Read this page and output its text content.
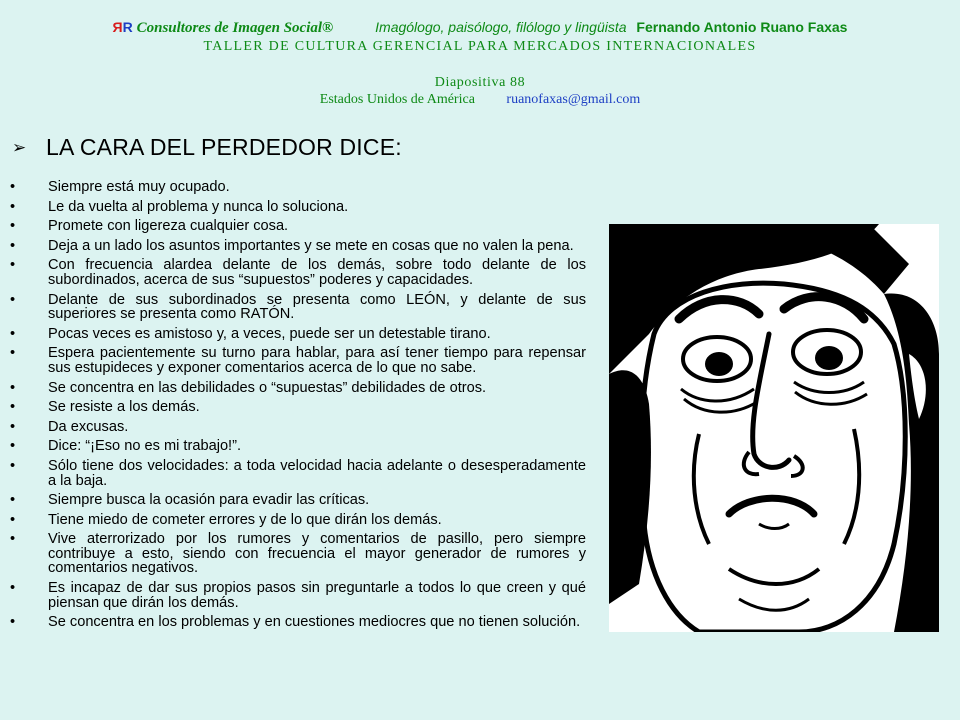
ЯR Consultores de Imagen Social®	Imagólogo, paisólogo, filólogo y lingüista Fernando Antonio Ruano Faxas
TALLER DE CULTURA GERENCIAL PARA MERCADOS INTERNACIONALES
Diapositiva 88
Estados Unidos de América ruanofaxas@gmail.com
➢ LA CARA DEL PERDEDOR DICE:
•	Siempre está muy ocupado.
•	Le da vuelta al problema y nunca lo soluciona.
•	Promete con ligereza cualquier cosa.
•	Deja a un lado los asuntos importantes y se mete en cosas que no valen la pena.
•	Con frecuencia alardea delante de los demás, sobre todo delante de los subordinados, acerca de sus “supuestos” poderes y capacidades.
•	Delante de sus subordinados se presenta como LEÓN, y delante de sus superiores se presenta como RATÓN.
•	Pocas veces es amistoso y, a veces, puede ser un detestable tirano.
•	Espera pacientemente su turno para hablar, para así tener tiempo para repensar sus estupideces y exponer comentarios acerca de lo que no sabe.
•	Se concentra en las debilidades o “supuestas” debilidades de otros.
•	Se resiste a los demás.
•	Da excusas.
•	Dice: “¡Eso no es mi trabajo!”.
•	Sólo tiene dos velocidades: a toda velocidad hacia adelante o desesperadamente a la baja.
•	Siempre busca la ocasión para evadir las críticas.
•	Tiene miedo de cometer errores y de lo que dirán los demás.
•	Vive aterrorizado por los rumores y comentarios de pasillo, pero siempre contribuye a esto, siendo con frecuencia el mayor generador de rumores y comentarios negativos.
•	Es incapaz de dar sus propios pasos sin preguntarle a todos lo que creen y qué piensan que dirán los demás.
•	Se concentra en los problemas y en cuestiones mediocres que no tienen solución.
